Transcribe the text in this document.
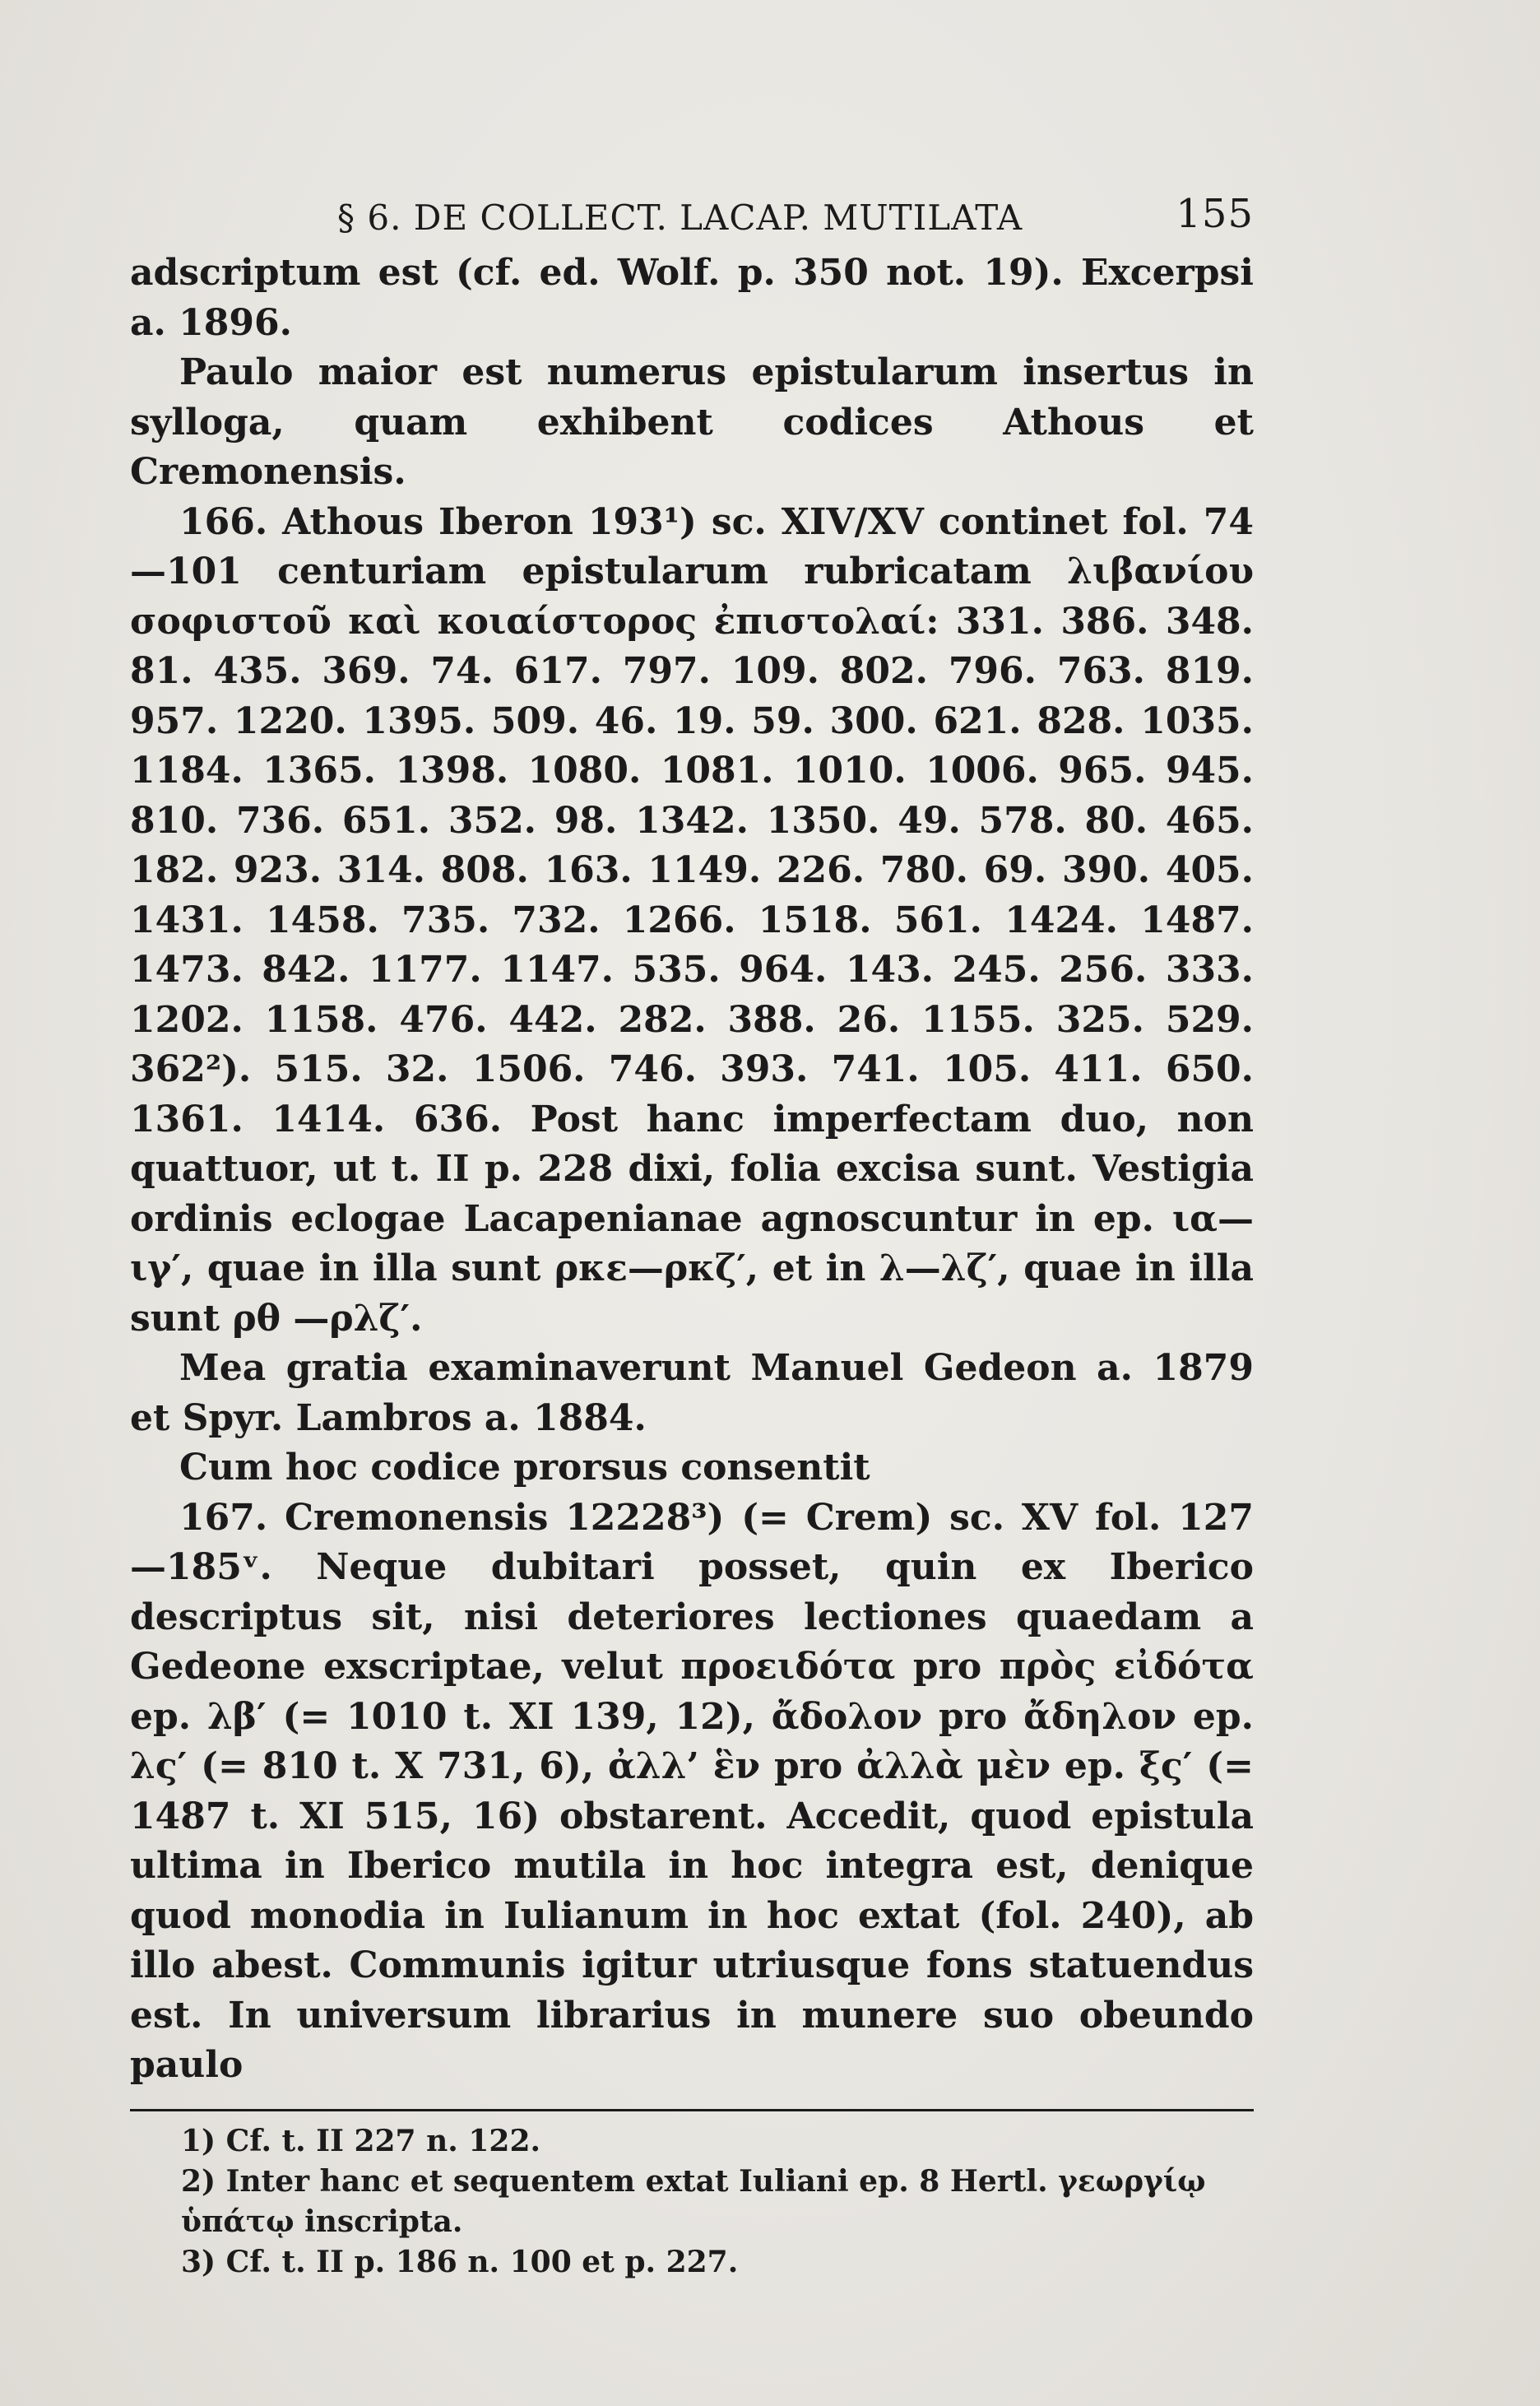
§ 6. DE COLLECT. LACAP. MUTILATA	155

adscriptum est (cf. ed. Wolf. p. 350 not. 19). Excerpsi a. 1896.

Paulo maior est numerus epistularum insertus in sylloga, quam exhibent codices Athous et Cremonensis.

166. Athous Iberon 193¹) sc. XIV/XV continet fol. 74 —101 centuriam epistularum rubricatam λιβανίου σοφιστοῦ καὶ κοιαίστορος ἐπιστολαί: 331. 386. 348. 81. 435. 369. 74. 617. 797. 109. 802. 796. 763. 819. 957. 1220. 1395. 509. 46. 19. 59. 300. 621. 828. 1035. 1184. 1365. 1398. 1080. 1081. 1010. 1006. 965. 945. 810. 736. 651. 352. 98. 1342. 1350. 49. 578. 80. 465. 182. 923. 314. 808. 163. 1149. 226. 780. 69. 390. 405. 1431. 1458. 735. 732. 1266. 1518. 561. 1424. 1487. 1473. 842. 1177. 1147. 535. 964. 143. 245. 256. 333. 1202. 1158. 476. 442. 282. 388. 26. 1155. 325. 529. 362²). 515. 32. 1506. 746. 393. 741. 105. 411. 650. 1361. 1414. 636. Post hanc imperfectam duo, non quattuor, ut t. II p. 228 dixi, folia excisa sunt. Vestigia ordinis eclogae Lacapenianae agnoscuntur in ep. ια—ιγ′, quae in illa sunt ρκε—ρκζ′, et in λ—λζ′, quae in illa sunt ρθ —ρλζ′.

Mea gratia examinaverunt Manuel Gedeon a. 1879 et Spyr. Lambros a. 1884.

Cum hoc codice prorsus consentit

167. Cremonensis 12228³) (= Crem) sc. XV fol. 127 —185ᵛ. Neque dubitari posset, quin ex Iberico descriptus sit, nisi deteriores lectiones quaedam a Gedeone exscriptae, velut προειδότα pro πρὸς εἰδότα ep. λβ′ (= 1010 t. XI 139, 12), ἄδολον pro ἄδηλον ep. λς′ (= 810 t. X 731, 6), ἀλλ’ ἓν pro ἀλλὰ μὲν ep. ξς′ (= 1487 t. XI 515, 16) obstarent. Accedit, quod epistula ultima in Iberico mutila in hoc integra est, denique quod monodia in Iulianum in hoc extat (fol. 240), ab illo abest. Communis igitur utriusque fons statuendus est. In universum librarius in munere suo obeundo paulo

1) Cf. t. II 227 n. 122.

2) Inter hanc et sequentem extat Iuliani ep. 8 Hertl. γεωργίῳ ὑπάτῳ inscripta.

3) Cf. t. II p. 186 n. 100 et p. 227.
